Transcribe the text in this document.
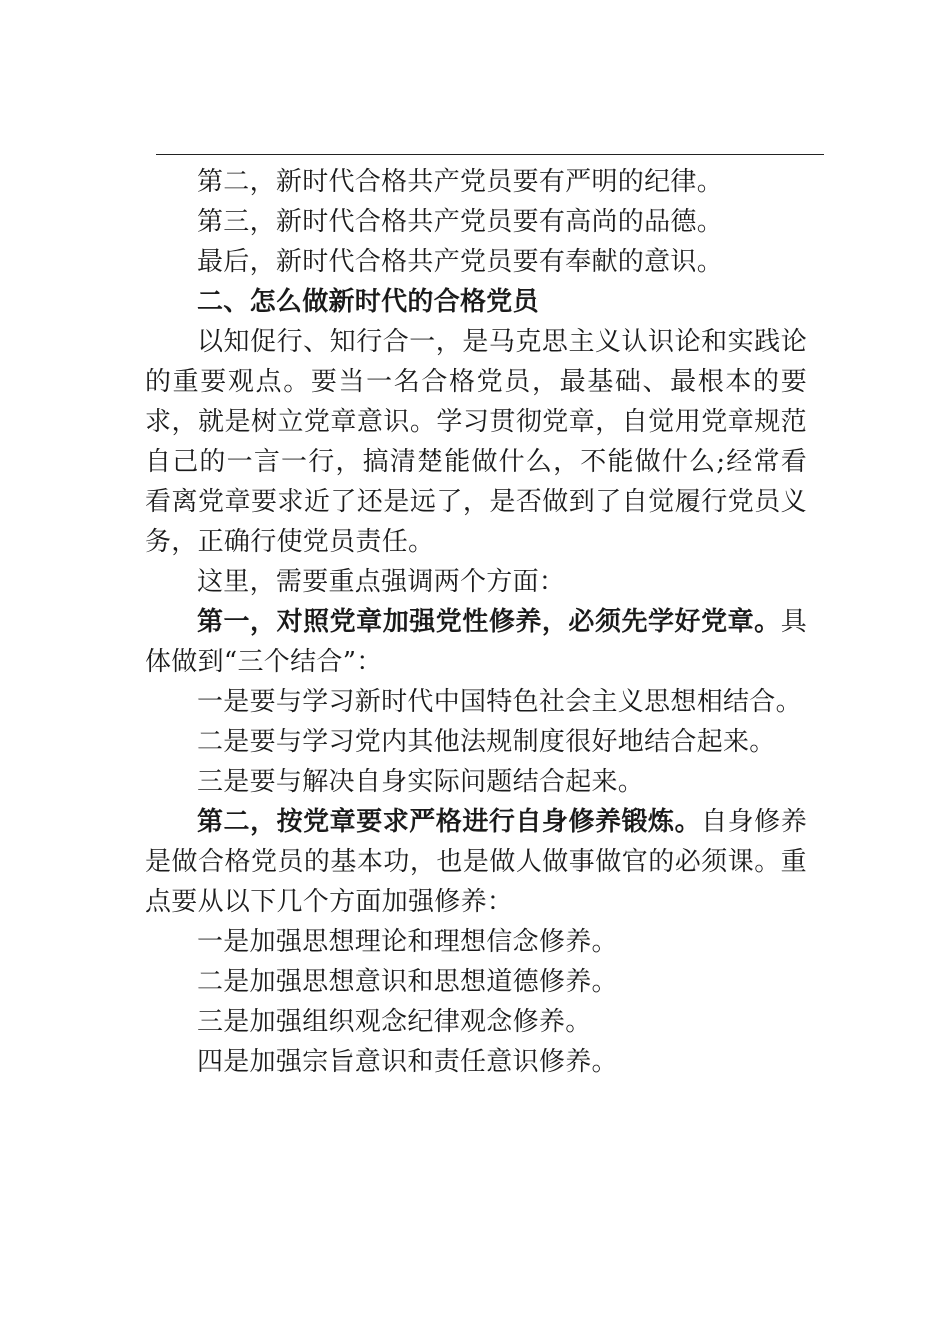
第二，新时代合格共产党员要有严明的纪律。

第三，新时代合格共产党员要有高尚的品德。

最后，新时代合格共产党员要有奉献的意识。

二、怎么做新时代的合格党员

以知促行、知行合一，是马克思主义认识论和实践论的重要观点。要当一名合格党员，最基础、最根本的要求，就是树立党章意识。学习贯彻党章，自觉用党章规范自己的一言一行，搞清楚能做什么，不能做什么;经常看看离党章要求近了还是远了，是否做到了自觉履行党员义务，正确行使党员责任。

这里，需要重点强调两个方面：

第一，对照党章加强党性修养，必须先学好党章。具体做到“三个结合”：

一是要与学习新时代中国特色社会主义思想相结合。

二是要与学习党内其他法规制度很好地结合起来。

三是要与解决自身实际问题结合起来。

第二，按党章要求严格进行自身修养锻炼。自身修养是做合格党员的基本功，也是做人做事做官的必须课。重点要从以下几个方面加强修养：

一是加强思想理论和理想信念修养。

二是加强思想意识和思想道德修养。

三是加强组织观念纪律观念修养。

四是加强宗旨意识和责任意识修养。
